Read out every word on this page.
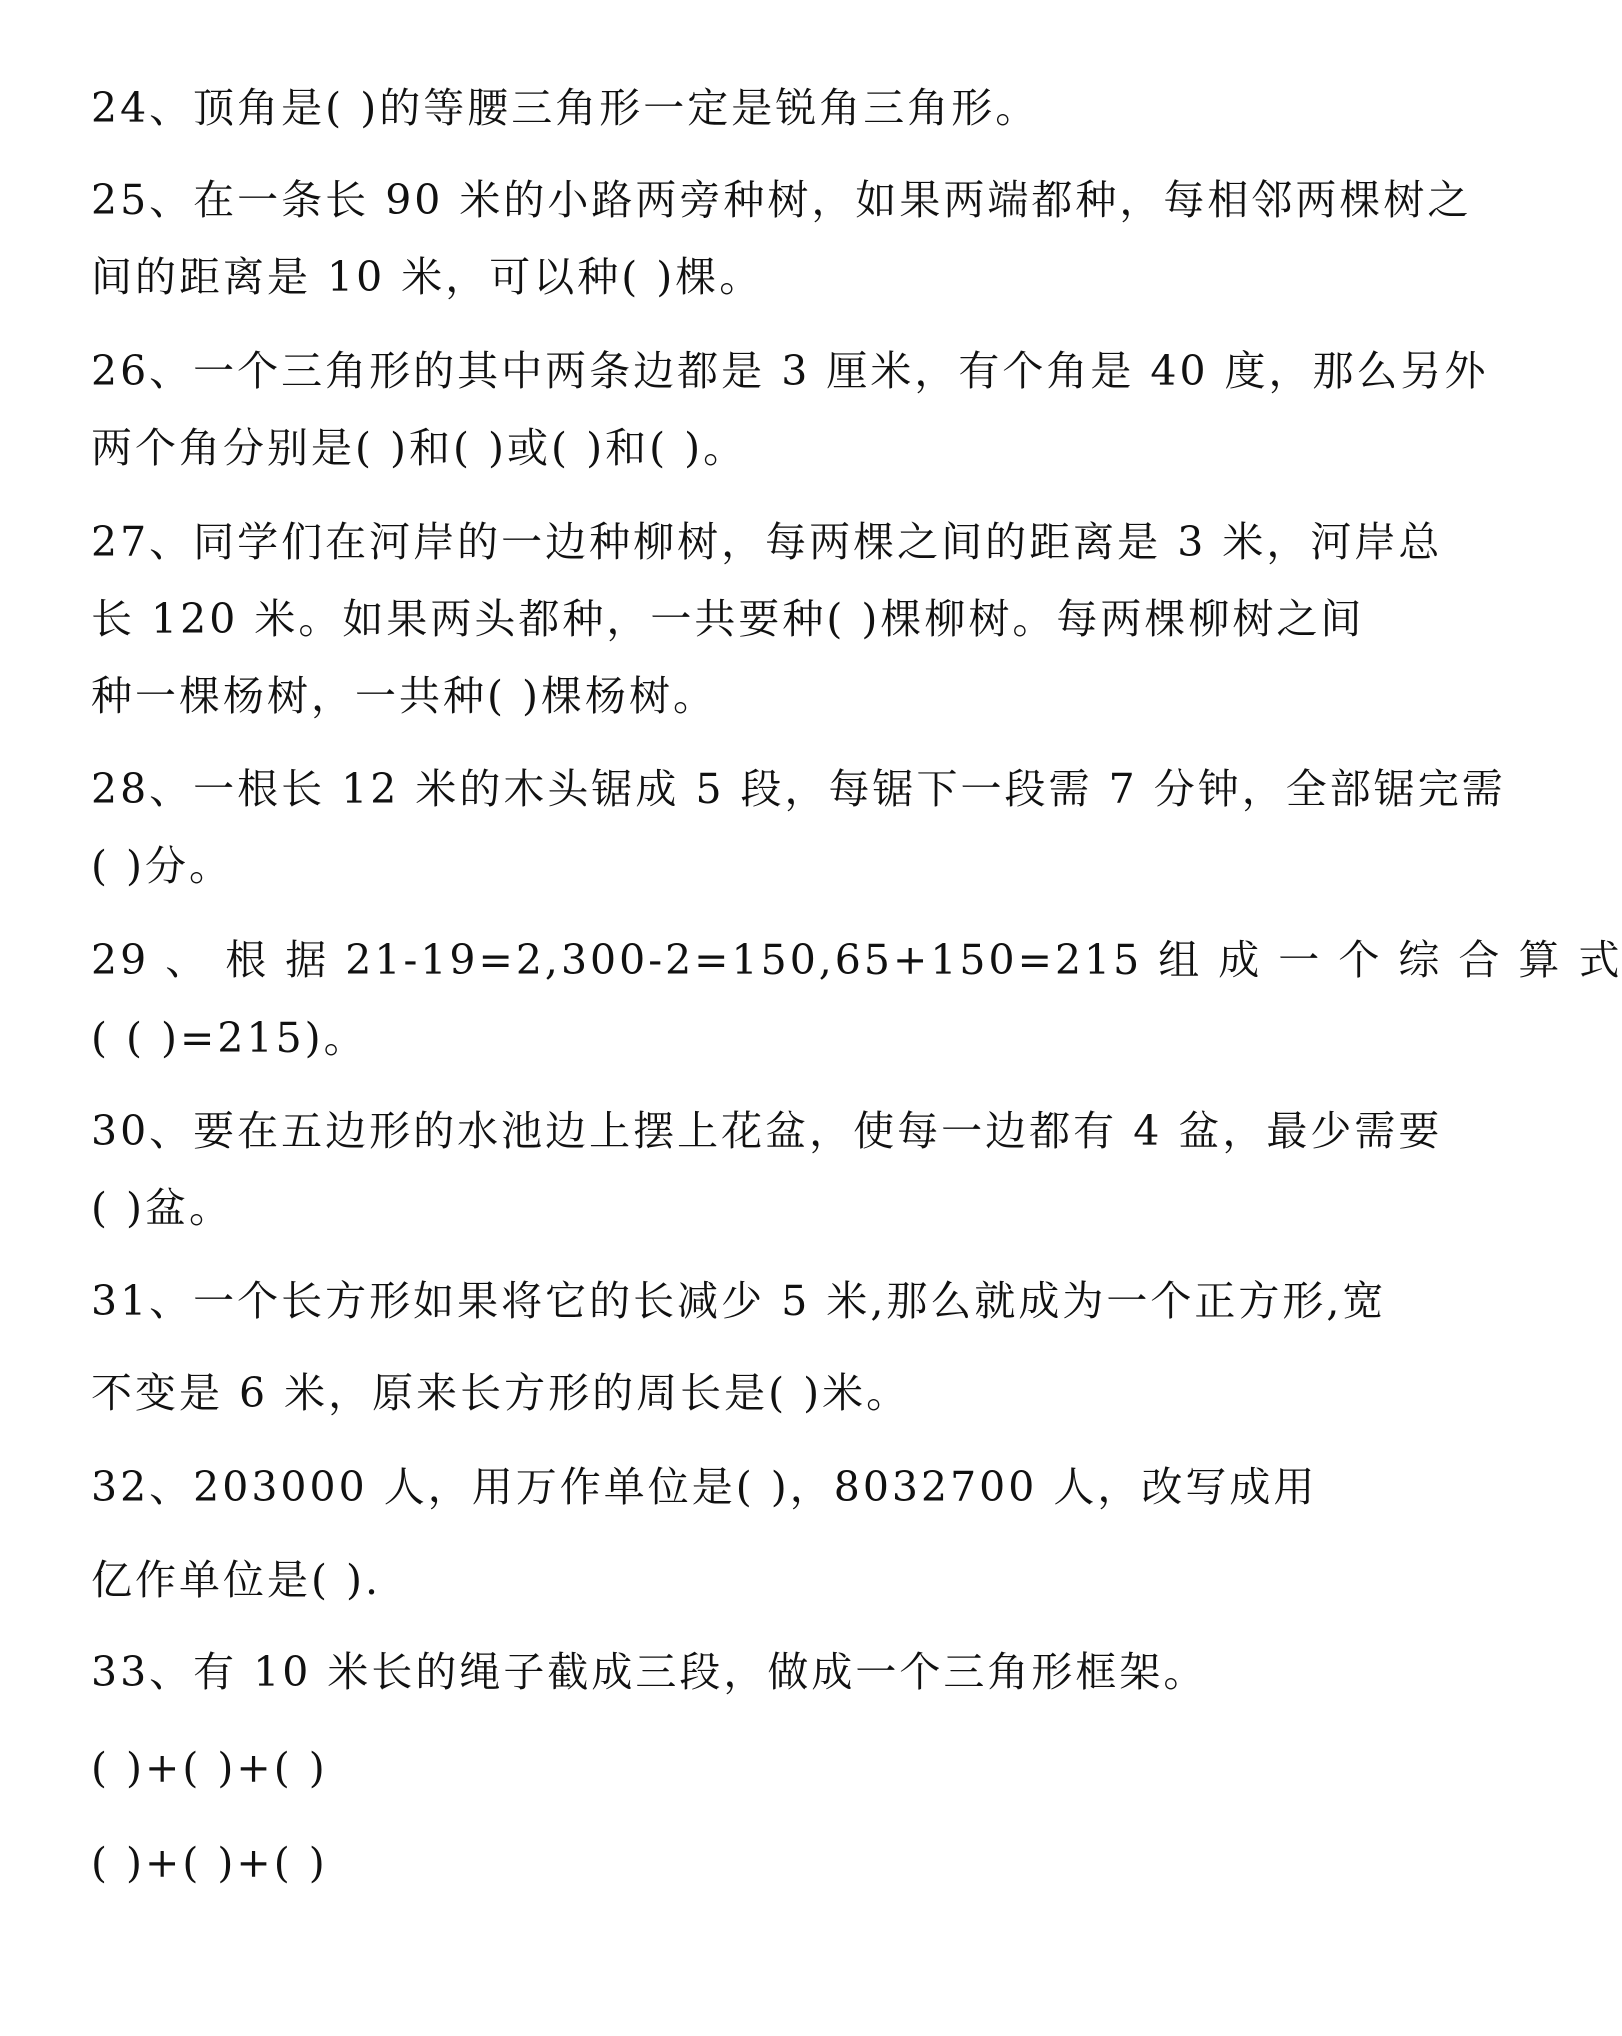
24、顶角是( )的等腰三角形一定是锐角三角形。
25、在一条长 90 米的小路两旁种树，如果两端都种，每相邻两棵树之
间的距离是 10 米，可以种( )棵。
26、一个三角形的其中两条边都是 3 厘米，有个角是 40 度，那么另外
两个角分别是( )和( )或( )和( )。
27、同学们在河岸的一边种柳树，每两棵之间的距离是 3 米，河岸总
长 120 米。如果两头都种，一共要种( )棵柳树。每两棵柳树之间
种一棵杨树，一共种( )棵杨树。
28、一根长 12 米的木头锯成 5 段，每锯下一段需 7 分钟，全部锯完需
( )分。
29 、 根 据 21-19=2,300-2=150,65+150=215 组 成 一 个 综 合 算 式
( ( )=215)。
30、要在五边形的水池边上摆上花盆，使每一边都有 4 盆，最少需要
( )盆。
31、一个长方形如果将它的长减少 5 米,那么就成为一个正方形,宽
不变是 6 米，原来长方形的周长是( )米。
32、203000 人，用万作单位是( )，8032700 人，改写成用
亿作单位是( ).
33、有 10 米长的绳子截成三段，做成一个三角形框架。
( )+( )+( )
( )+( )+( )
